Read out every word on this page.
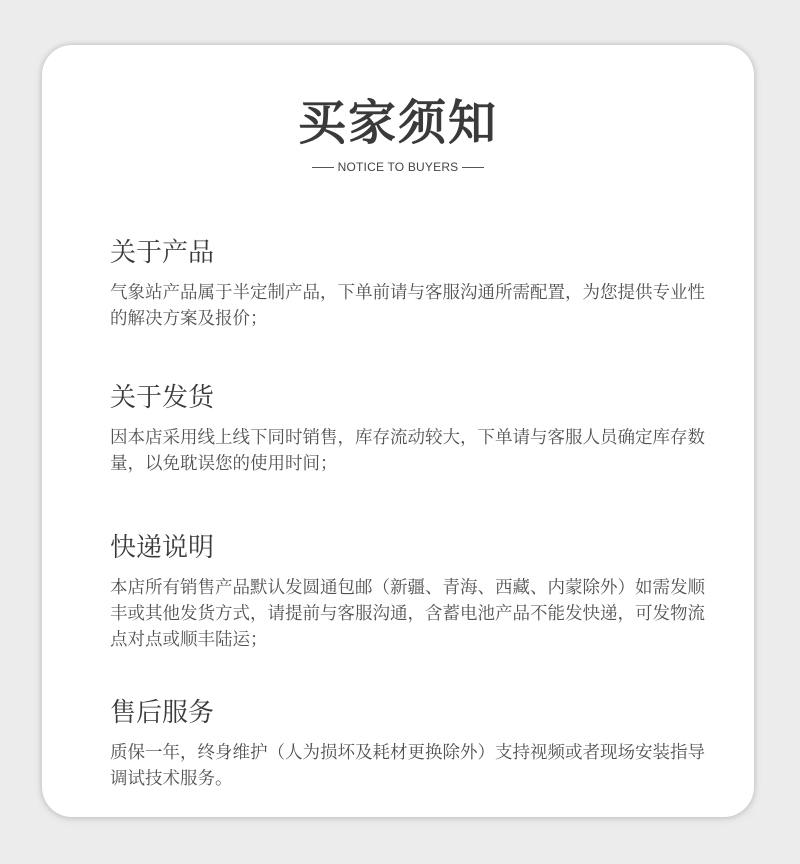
买家须知
NOTICE TO BUYERS
关于产品

气象站产品属于半定制产品，下单前请与客服沟通所需配置，为您提供专业性的解决方案及报价；

关于发货

因本店采用线上线下同时销售，库存流动较大，下单请与客服人员确定库存数量，以免耽误您的使用时间；

快递说明

本店所有销售产品默认发圆通包邮（新疆、青海、西藏、内蒙除外）如需发顺丰或其他发货方式，请提前与客服沟通，含蓄电池产品不能发快递，可发物流点对点或顺丰陆运；

售后服务

质保一年，终身维护（人为损坏及耗材更换除外）支持视频或者现场安装指导调试技术服务。
